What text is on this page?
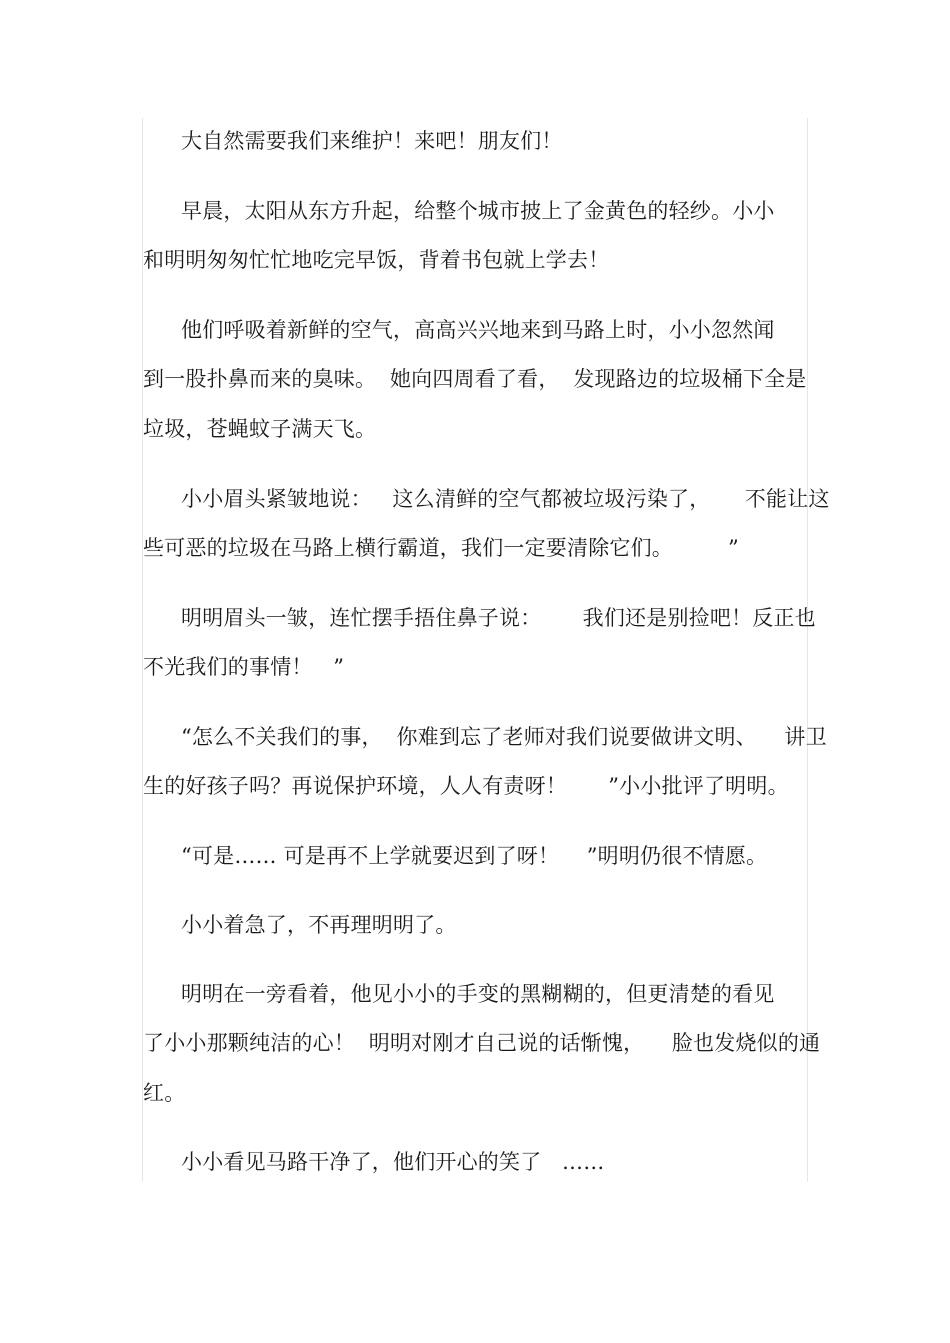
大自然需要我们来维护！来吧！朋友们！
早晨，太阳从东方升起，给整个城市披上了金黄色的轻纱。小小
和明明匆匆忙忙地吃完早饭，背着书包就上学去！
他们呼吸着新鲜的空气，高高兴兴地来到马路上时，小小忽然闻
到一股扑鼻而来的臭味。  她向四周看了看，  发现路边的垃圾桶下全是
垃圾，苍蝇蚊子满天飞。
小小眉头紧皱地说：   这么清鲜的空气都被垃圾污染了，     不能让这
些可恶的垃圾在马路上横行霸道，我们一定要清除它们。        ”
明明眉头一皱，连忙摆手捂住鼻子说：      我们还是别捡吧！反正也
不光我们的事情！   ”
“怎么不关我们的事，  你难到忘了老师对我们说要做讲文明、    讲卫
生的好孩子吗？再说保护环境，人人有责呀！      ”小小批评了明明。
“可是…… 可是再不上学就要迟到了呀！    ”明明仍很不情愿。
小小着急了，不再理明明了。
明明在一旁看着，他见小小的手变的黑糊糊的，但更清楚的看见
了小小那颗纯洁的心！  明明对刚才自己说的话惭愧，    脸也发烧似的通
红。
小小看见马路干净了，他们开心的笑了   ……
